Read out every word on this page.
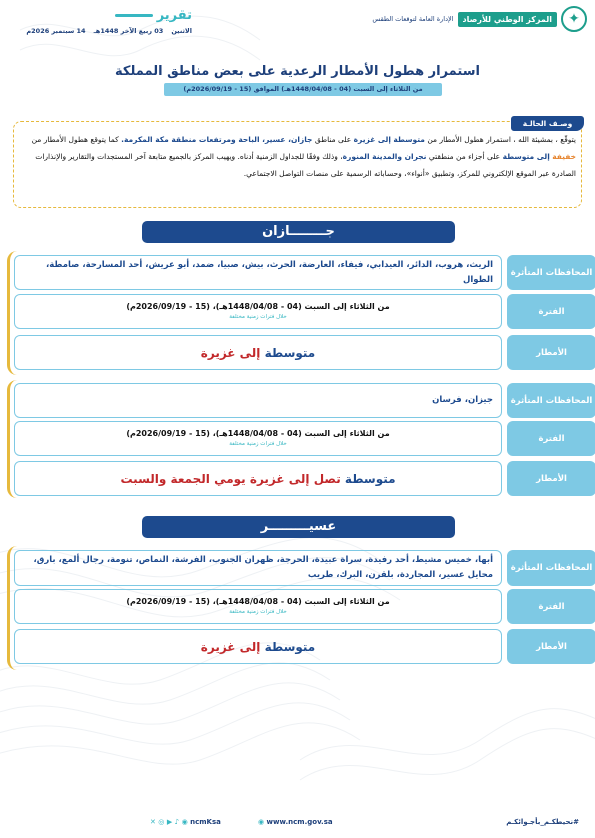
✦
المركز الوطني للأرصاد
الإدارة العامة لتوقعات الطقس
تقرير
الاثنين
03 ربيع الآخر 1448هـ
14 سبتمبر 2026م
استمرار هطول الأمطار الرعدية على بعض مناطق المملكة
من الثلاثاء إلى السبت (04 - 1448/04/08هـ) الموافق (15 - 2026/09/19م)
وصـف الحالـة
يتوقّع ، بمشيئة الله ، استمرار هطول الأمطار من متوسطة إلى غزيرة على مناطق جازان، عسير، الباحة ومرتفعات منطقة مكة المكرمة. كما يتوقع هطول الأمطار من خفيفة إلى متوسطة على أجزاء من منطقتي نجران والمدينة المنورة، وذلك وفقًا للجداول الزمنية أدناه. ويهيب المركز بالجميع متابعة آخر المستجدات والتقارير والإنذارات الصادرة عبر الموقع الإلكتروني للمركز، وتطبيق «أنواء»، وحساباته الرسمية على منصات التواصل الاجتماعي.
جــــــــازان
المحافظات المتأثرة
الريث، هروب، الدائر، العيدابي، فيفاء، العارضة، الحرث، بيش، صبيا، ضمد، أبو عريش، أحد المسارحة، صامطة، الطوال
الفترة
من الثلاثاء إلى السبت (04 - 1448/04/08هـ)، (15 - 2026/09/19م)
خلال فترات زمنية مختلفة
الأمطار
متوسطة إلى غزيرة
المحافظات المتأثرة
جيزان، فرسان
الفترة
من الثلاثاء إلى السبت (04 - 1448/04/08هـ)، (15 - 2026/09/19م)
خلال فترات زمنية مختلفة
الأمطار
متوسطة تصل إلى غزيرة يومي الجمعة والسبت
عسيـــــــــر
المحافظات المتأثرة
أبها، خميس مشيط، أحد رفيدة، سراة عبيدة، الحرجة، ظهران الجنوب، الفرشة، النماص، تنومة، رجال ألمع، بارق، محايل عسير، المجاردة، بلقرن، البرك، طريب
الفترة
من الثلاثاء إلى السبت (04 - 1448/04/08هـ)، (15 - 2026/09/19م)
خلال فترات زمنية مختلفة
الأمطار
متوسطة إلى غزيرة
#نحيطكـم_بأجـوائكـم
◉ www.ncm.gov.sa
✕ ◎ ▶ ♪ ◉ ncmKsa
